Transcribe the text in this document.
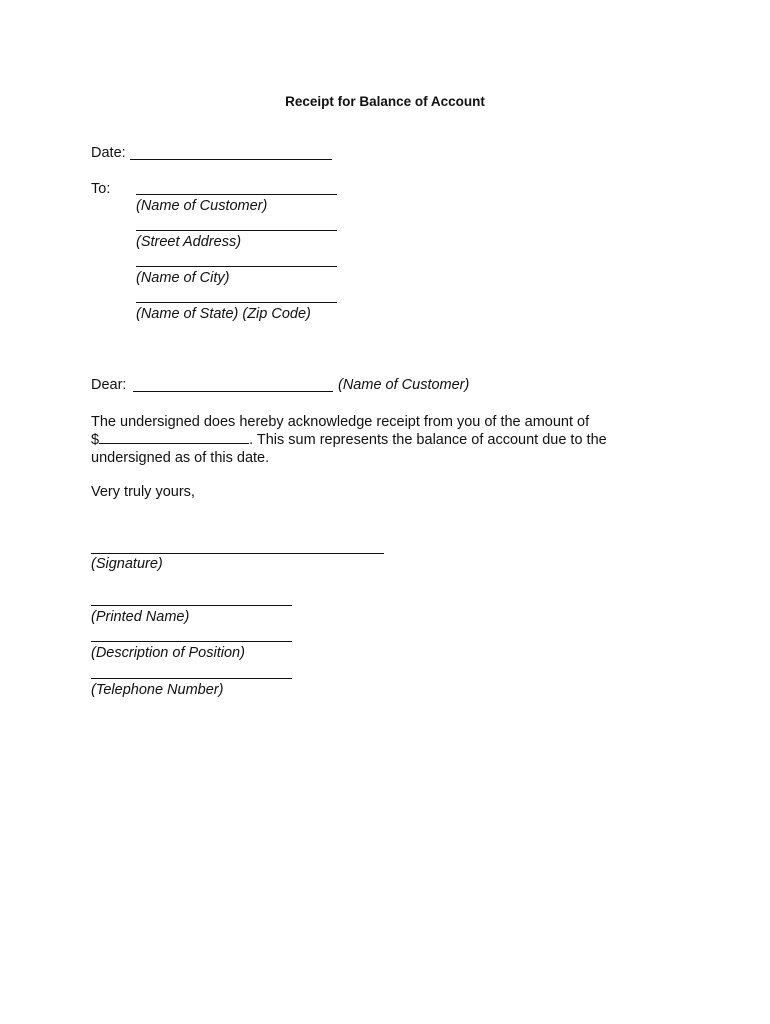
Receipt for Balance of Account
Date:
To:
(Name of Customer)
(Street Address)
(Name of City)
(Name of State) (Zip Code)
Dear:	(Name of Customer)
The undersigned does hereby acknowledge receipt from you of the amount of
$	. This sum represents the balance of account due to the undersigned as of this date.
Very truly yours,
(Signature)
(Printed Name)
(Description of Position)
(Telephone Number)
